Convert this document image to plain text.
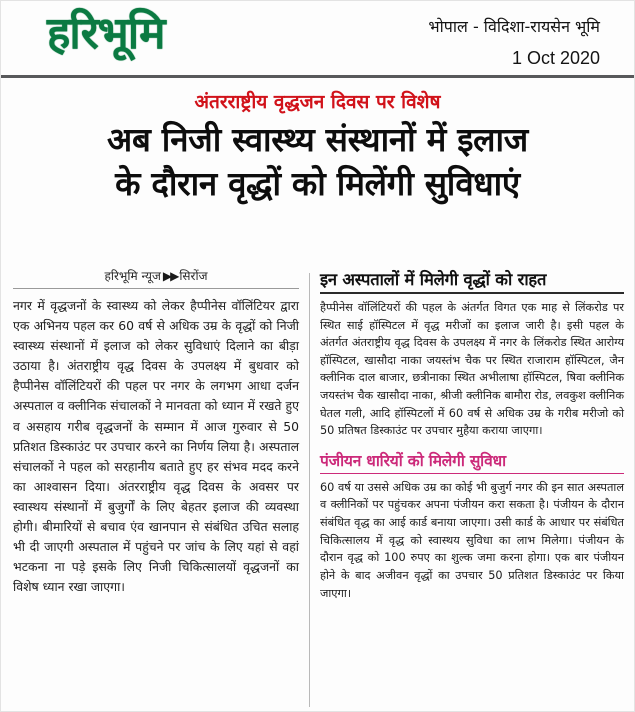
हरिभूमि	भोपाल - विदिशा-रायसेन भूमि
1 Oct 2020
अंतरराष्ट्रीय वृद्धजन दिवस पर विशेष
अब निजी स्वास्थ्य संस्थानों में इलाज
के दौरान वृद्धों को मिलेंगी सुविधाएं
हरिभूमि न्यूज ▶▶ सिरोंज

नगर में वृद्धजनों के स्वास्थ्य को लेकर हैप्पीनेस वॉलिंटियर द्वारा एक अभिनय पहल कर 60 वर्ष से अधिक उम्र के वृद्धों को निजी स्वास्थ्य संस्थानों में इलाज को लेकर सुविधाएं दिलाने का बीड़ा उठाया है। अंतराष्ट्रीय वृद्ध दिवस के उपलक्ष्य में बुधवार को हैप्पीनेस वॉलिंटियरों की पहल पर नगर के लगभग आधा दर्जन अस्पताल व क्लीनिक संचालकों ने मानवता को ध्यान में रखते हुए व असहाय गरीब वृद्धजनों के सम्मान में आज गुरुवार से 50 प्रतिशत डिस्काउंट पर उपचार करने का निर्णय लिया है। अस्पताल संचालकों ने पहल को सरहानीय बताते हुए हर संभव मदद करने का आश्वासन दिया। अंतरराष्ट्रीय वृद्ध दिवस के अवसर पर स्वास्थय संस्थानों में बुजुर्गों के लिए बेहतर इलाज की व्यवस्था होगी। बीमारियों से बचाव एंव खानपान से संबंधित उचित सलाह भी दी जाएगी अस्पताल में पहुंचने पर जांच के लिए यहां से वहां भटकना ना पड़े इसके लिए निजी चिकित्सालयों वृद्धजनों का विशेष ध्यान रखा जाएगा।

इन अस्पतालों में मिलेगी वृद्धों को राहत

हैप्पीनेस वॉलिंटियरों की पहल के अंतर्गत विगत एक माह से लिंकरोड पर स्थित साई हॉस्पिटल में वृद्ध मरीजों का इलाज जारी है। इसी पहल के अंतर्गत अंतराष्ट्रीय वृद्ध दिवस के उपलक्ष्य में नगर के लिंकरोड स्थित आरोग्य हॉस्पिटल, खासौदा नाका जयस्तंभ चैक पर स्थित राजाराम हॉस्पिटल, जैन क्लीनिक दाल बाजार, छत्रीनाका स्थित अभीलाषा हॉस्पिटल, षिवा क्लीनिक जयस्तंभ चैक खासौदा नाका, श्रीजी क्लीनिक बामौरा रोड, लवकुश क्लीनिक घेतल गली, आदि हॉस्पिटलों में 60 वर्ष से अधिक उम्र के गरीब मरीजो को 50 प्रतिषत डिस्काउंट पर उपचार मुहैया कराया जाएगा।

पंजीयन धारियों को मिलेगी सुविधा

60 वर्ष या उससे अधिक उम्र का कोई भी बुजुर्ग नगर की इन सात अस्पताल व क्लीनिकों पर पहुंचकर अपना पंजीयन करा सकता है। पंजीयन के दौरान संबंधित वृद्ध का आई कार्ड बनाया जाएगा। उसी कार्ड के आधार पर संबंधित चिकित्सालय में वृद्ध को स्वास्थय सुविधा का लाभ मिलेगा। पंजीयन के दौरान वृद्ध को 100 रुपए का शुल्क जमा करना होगा। एक बार पंजीयन होने के बाद अजीवन वृद्धों का उपचार 50 प्रतिशत डिस्काउंट पर किया जाएगा।
